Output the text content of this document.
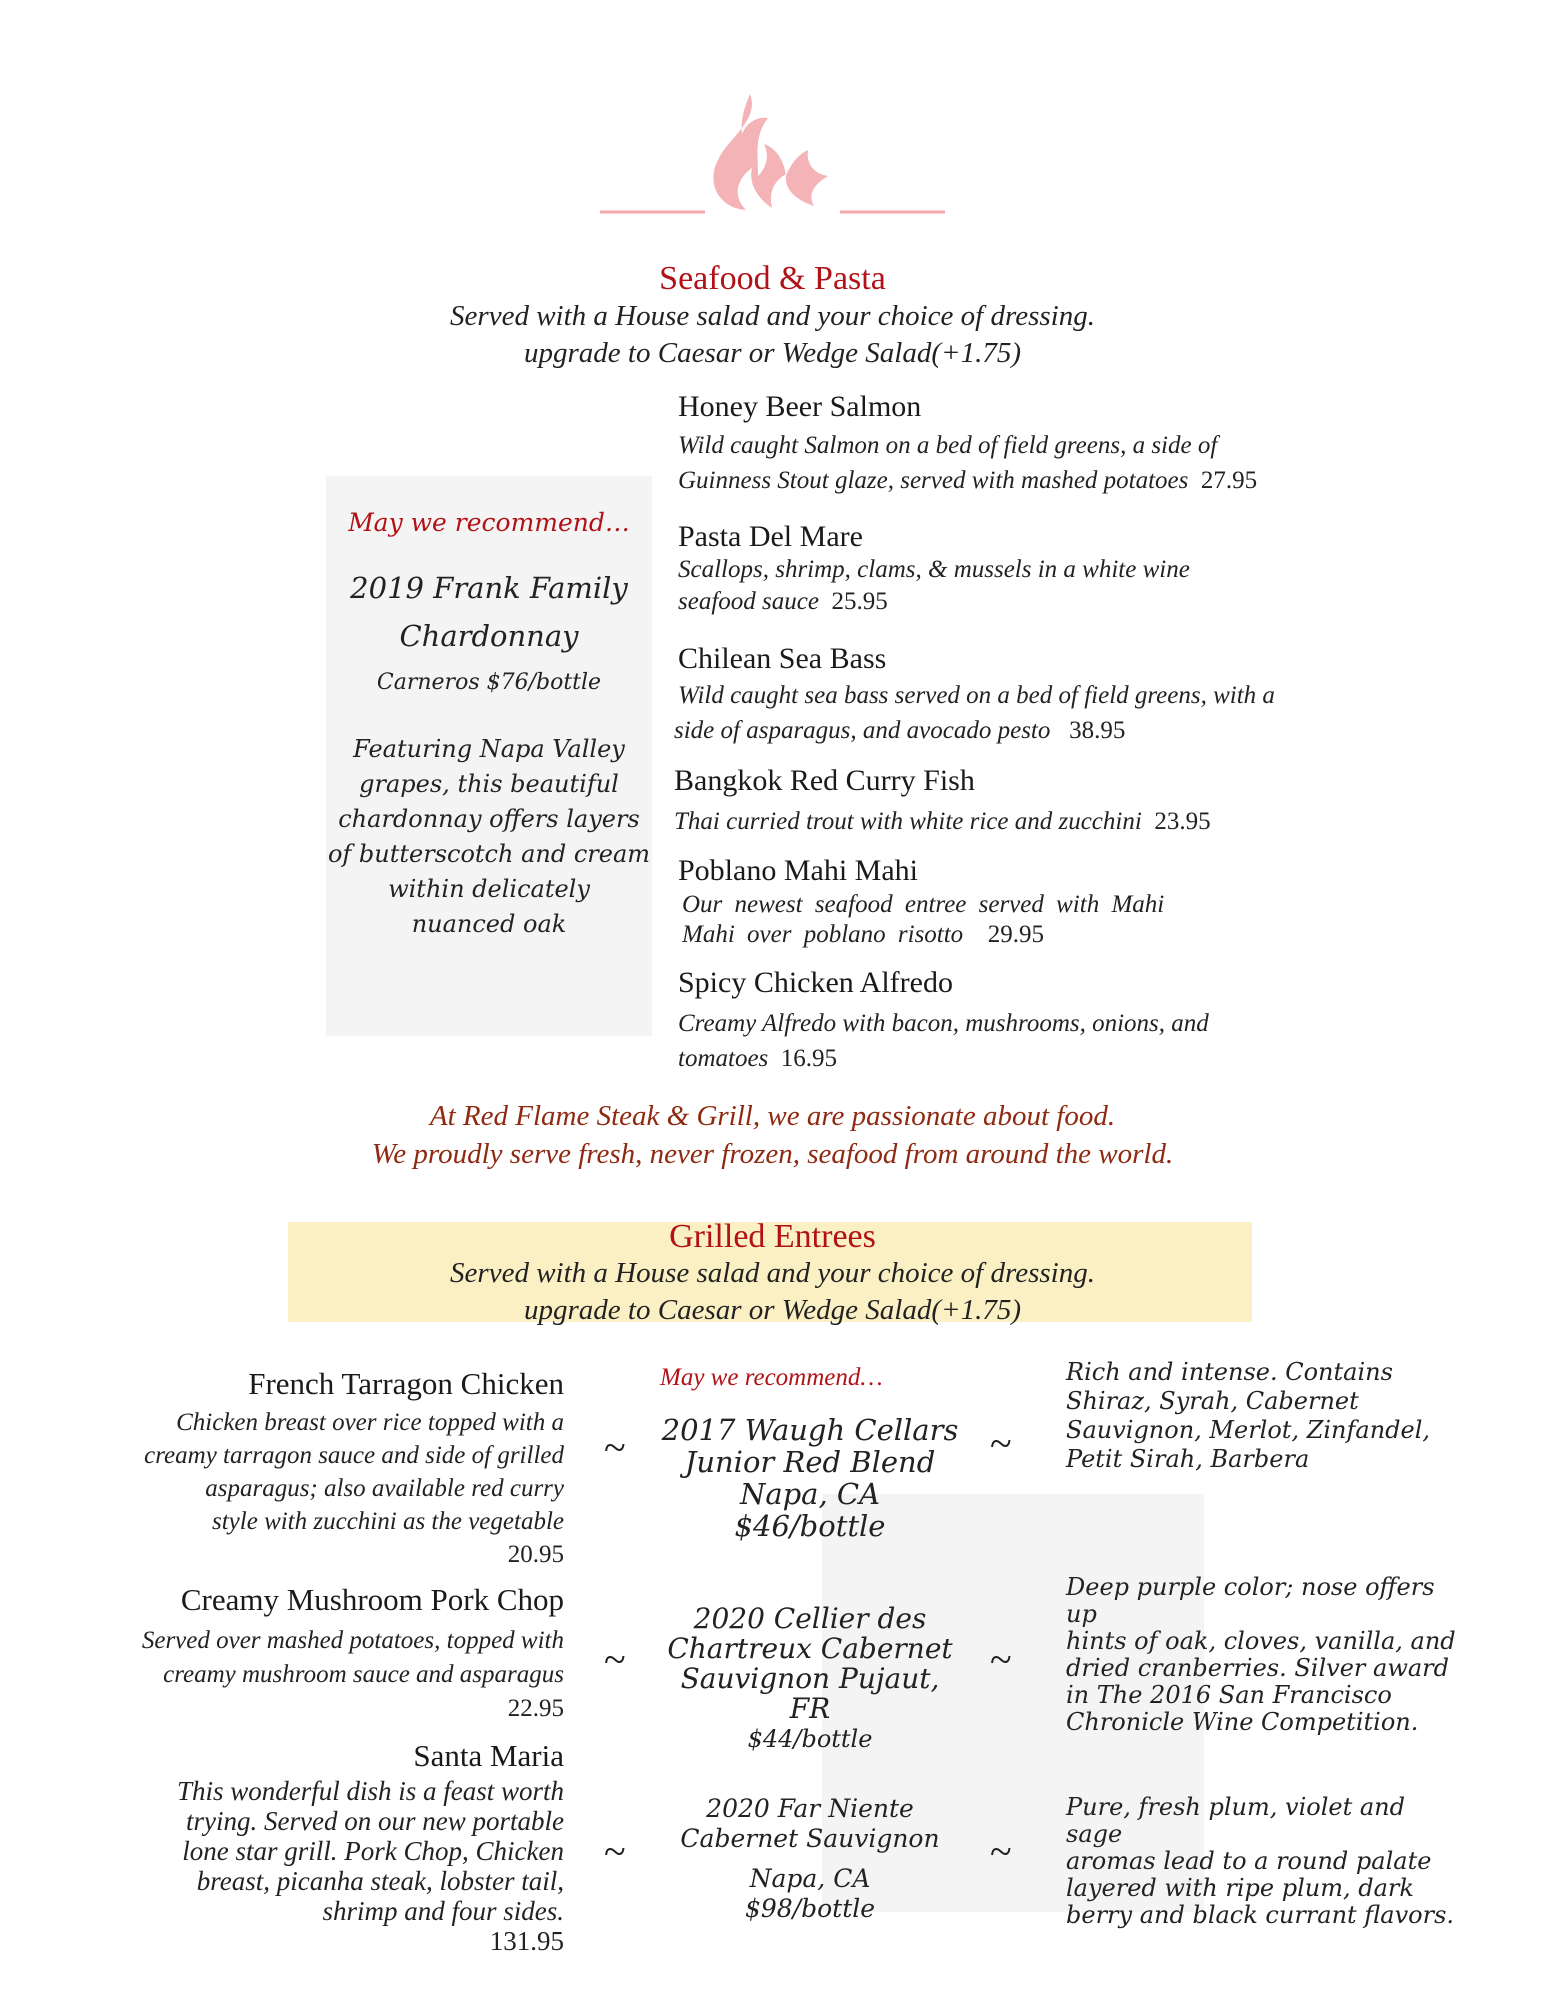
Seafood & Pasta
Served with a House salad and your choice of dressing.
upgrade to Caesar or Wedge Salad(+1.75)
May we recommend…
2019 Frank Family
Chardonnay
Carneros $76/bottle
Featuring Napa Valley
grapes, this beautiful
chardonnay offers layers
of butterscotch and cream
within delicately
nuanced oak
Honey Beer Salmon
Wild caught Salmon on a bed of field greens, a side of
Guinness Stout glaze, served with mashed potatoes 27.95
Pasta Del Mare
Scallops, shrimp, clams, & mussels in a white wine
seafood sauce 25.95
Chilean Sea Bass
Wild caught sea bass served on a bed of field greens, with a
side of asparagus, and avocado pesto 38.95
Bangkok Red Curry Fish
Thai curried trout with white rice and zucchini 23.95
Poblano Mahi Mahi
Our newest seafood entree served with Mahi
Mahi over poblano risotto 29.95
Spicy Chicken Alfredo
Creamy Alfredo with bacon, mushrooms, onions, and
tomatoes 16.95
At Red Flame Steak & Grill, we are passionate about food.
We proudly serve fresh, never frozen, seafood from around the world.
Grilled Entrees
Served with a House salad and your choice of dressing.
upgrade to Caesar or Wedge Salad(+1.75)
May we recommend…
French Tarragon Chicken
Chicken breast over rice topped with a
creamy tarragon sauce and side of grilled
asparagus; also available red curry
style with zucchini as the vegetable
20.95
Creamy Mushroom Pork Chop
Served over mashed potatoes, topped with
creamy mushroom sauce and asparagus
22.95
Santa Maria
This wonderful dish is a feast worth
trying. Served on our new portable
lone star grill. Pork Chop, Chicken
breast, picanha steak, lobster tail,
shrimp and four sides.
131.95
~	~
~	~
~	~
2017 Waugh Cellars
Junior Red Blend
Napa, CA $46/bottle
Rich and intense. Contains
Shiraz, Syrah, Cabernet
Sauvignon, Merlot, Zinfandel,
Petit Sirah, Barbera
2020 Cellier des
Chartreux Cabernet
Sauvignon Pujaut, FR
$44/bottle
Deep purple color; nose offers up
hints of oak, cloves, vanilla, and
dried cranberries. Silver award
in The 2016 San Francisco
Chronicle Wine Competition.
2020 Far Niente
Cabernet Sauvignon
Napa, CA
$98/bottle
Pure, fresh plum, violet and sage
aromas lead to a round palate
layered with ripe plum, dark
berry and black currant flavors.
